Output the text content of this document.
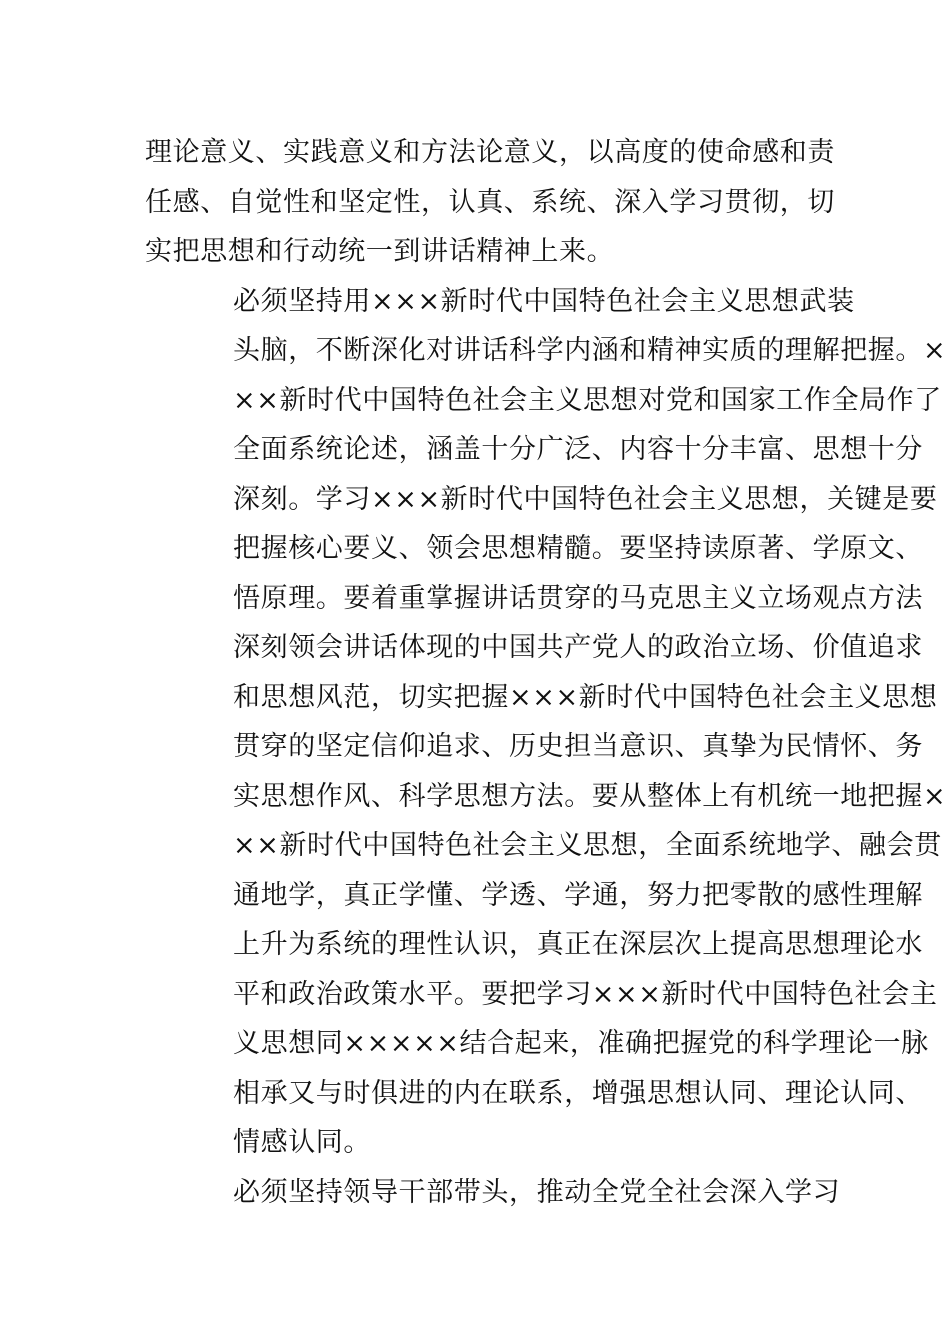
理论意义、实践意义和方法论意义，以高度的使命感和责
任感、自觉性和坚定性，认真、系统、深入学习贯彻，切
实把思想和行动统一到讲话精神上来。
必须坚持用×××新时代中国特色社会主义思想武装
头脑，不断深化对讲话科学内涵和精神实质的理解把握。×
××新时代中国特色社会主义思想对党和国家工作全局作了
全面系统论述，涵盖十分广泛、内容十分丰富、思想十分
深刻。学习×××新时代中国特色社会主义思想，关键是要
把握核心要义、领会思想精髓。要坚持读原著、学原文、
悟原理。要着重掌握讲话贯穿的马克思主义立场观点方法
深刻领会讲话体现的中国共产党人的政治立场、价值追求
和思想风范，切实把握×××新时代中国特色社会主义思想
贯穿的坚定信仰追求、历史担当意识、真挚为民情怀、务
实思想作风、科学思想方法。要从整体上有机统一地把握×
××新时代中国特色社会主义思想，全面系统地学、融会贯
通地学，真正学懂、学透、学通，努力把零散的感性理解
上升为系统的理性认识，真正在深层次上提高思想理论水
平和政治政策水平。要把学习×××新时代中国特色社会主
义思想同×××××结合起来，准确把握党的科学理论一脉
相承又与时俱进的内在联系，增强思想认同、理论认同、
情感认同。
必须坚持领导干部带头，推动全党全社会深入学习
